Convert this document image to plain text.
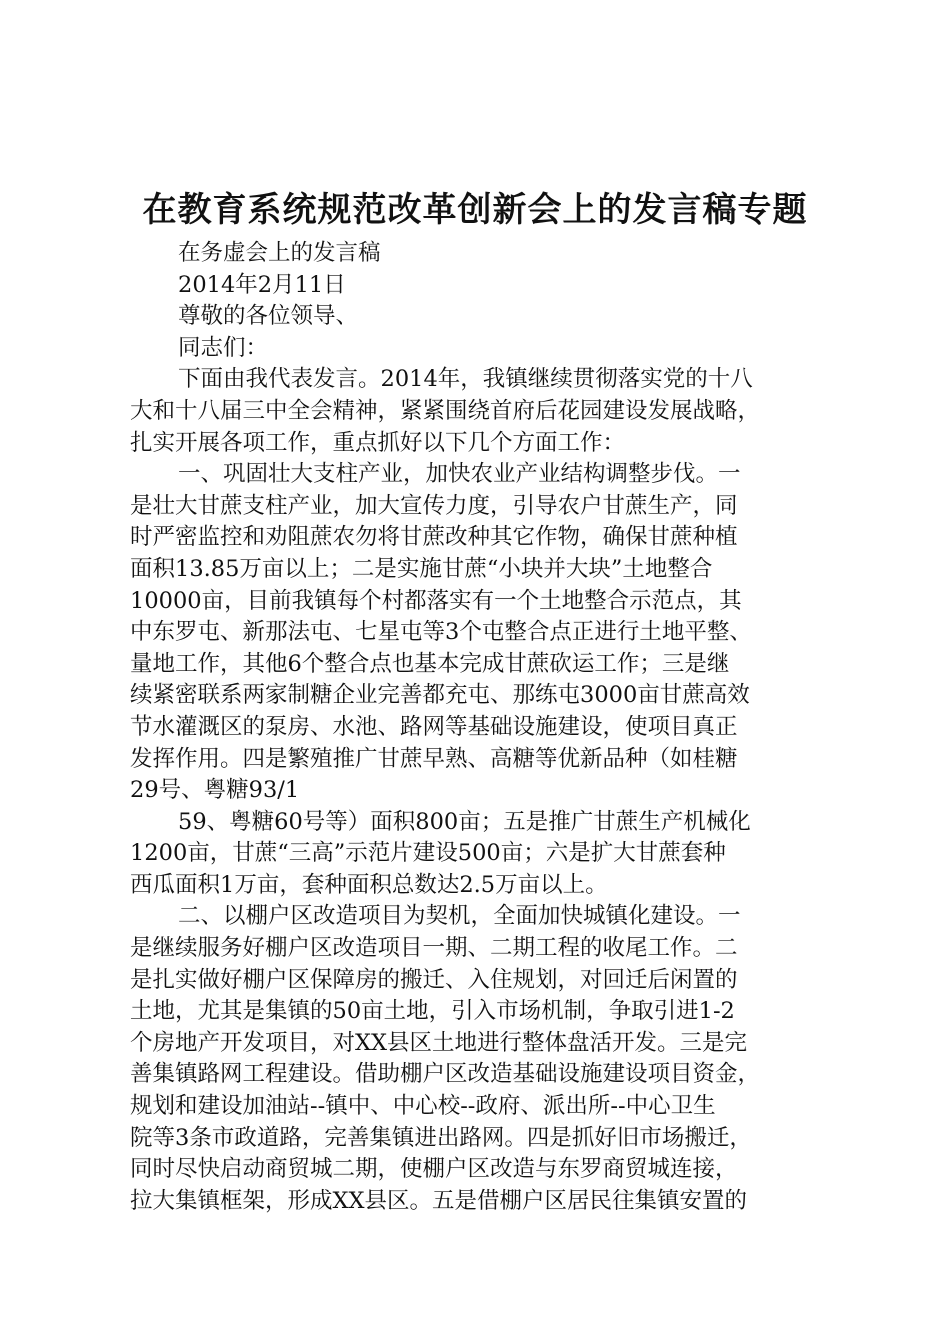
在教育系统规范改革创新会上的发言稿专题
在务虚会上的发言稿
2014年2月11日
尊敬的各位领导、
同志们：
下面由我代表发言。2014年，我镇继续贯彻落实党的十八
大和十八届三中全会精神，紧紧围绕首府后花园建设发展战略，
扎实开展各项工作，重点抓好以下几个方面工作：
一、巩固壮大支柱产业，加快农业产业结构调整步伐。一
是壮大甘蔗支柱产业，加大宣传力度，引导农户甘蔗生产，同
时严密监控和劝阻蔗农勿将甘蔗改种其它作物，确保甘蔗种植
面积13.85万亩以上；二是实施甘蔗“小块并大块”土地整合
10000亩，目前我镇每个村都落实有一个土地整合示范点，其
中东罗屯、新那法屯、七星屯等3个屯整合点正进行土地平整、
量地工作，其他6个整合点也基本完成甘蔗砍运工作；三是继
续紧密联系两家制糖企业完善都充屯、那练屯3000亩甘蔗高效
节水灌溉区的泵房、水池、路网等基础设施建设，使项目真正
发挥作用。四是繁殖推广甘蔗早熟、高糖等优新品种（如桂糖
29号、粤糖93/1
59、粤糖60号等）面积800亩；五是推广甘蔗生产机械化
1200亩，甘蔗“三高”示范片建设500亩；六是扩大甘蔗套种
西瓜面积1万亩，套种面积总数达2.5万亩以上。
二、以棚户区改造项目为契机，全面加快城镇化建设。一
是继续服务好棚户区改造项目一期、二期工程的收尾工作。二
是扎实做好棚户区保障房的搬迁、入住规划，对回迁后闲置的
土地，尤其是集镇的50亩土地，引入市场机制，争取引进1-2
个房地产开发项目，对XX县区土地进行整体盘活开发。三是完
善集镇路网工程建设。借助棚户区改造基础设施建设项目资金，
规划和建设加油站--镇中、中心校--政府、派出所--中心卫生
院等3条市政道路，完善集镇进出路网。四是抓好旧市场搬迁，
同时尽快启动商贸城二期，使棚户区改造与东罗商贸城连接，
拉大集镇框架，形成XX县区。五是借棚户区居民往集镇安置的
